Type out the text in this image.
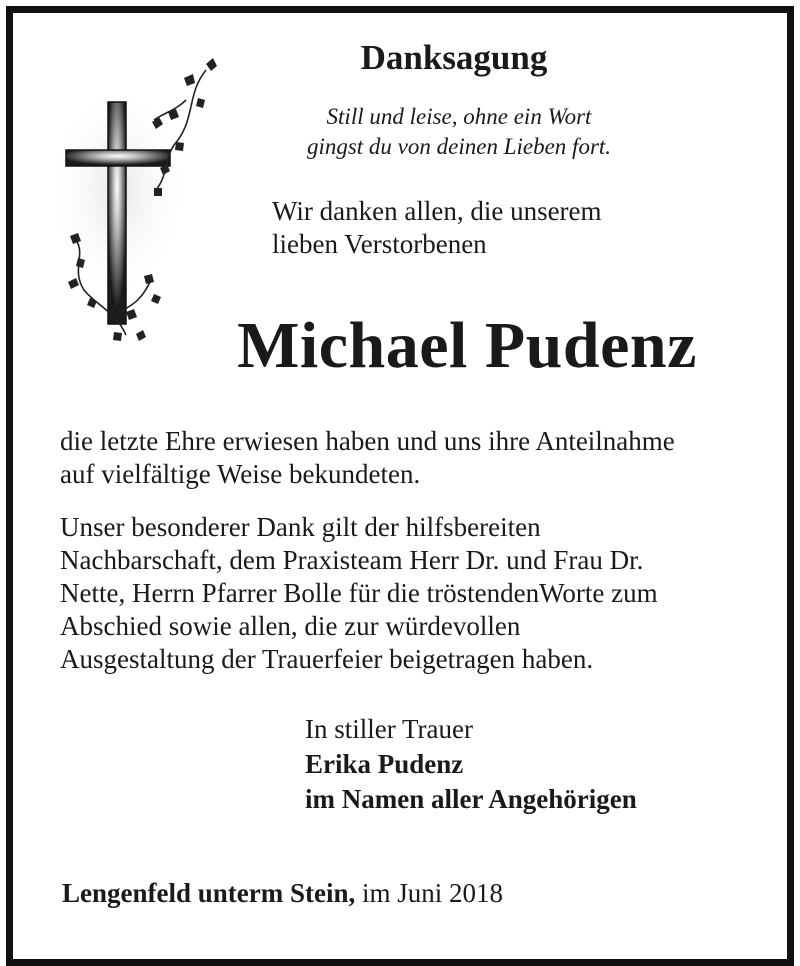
Danksagung
Still und leise, ohne ein Wort
gingst du von deinen Lieben fort.
Wir danken allen, die unserem
lieben Verstorbenen
Michael Pudenz
die letzte Ehre erwiesen haben und uns ihre Anteilnahme
auf vielfältige Weise bekundeten.
Unser besonderer Dank gilt der hilfsbereiten
Nachbarschaft, dem Praxisteam Herr Dr. und Frau Dr.
Nette, Herrn Pfarrer Bolle für die tröstendenWorte zum
Abschied sowie allen, die zur würdevollen
Ausgestaltung der Trauerfeier beigetragen haben.
In stiller Trauer
Erika Pudenz
im Namen aller Angehörigen
Lengenfeld unterm Stein, im Juni 2018
